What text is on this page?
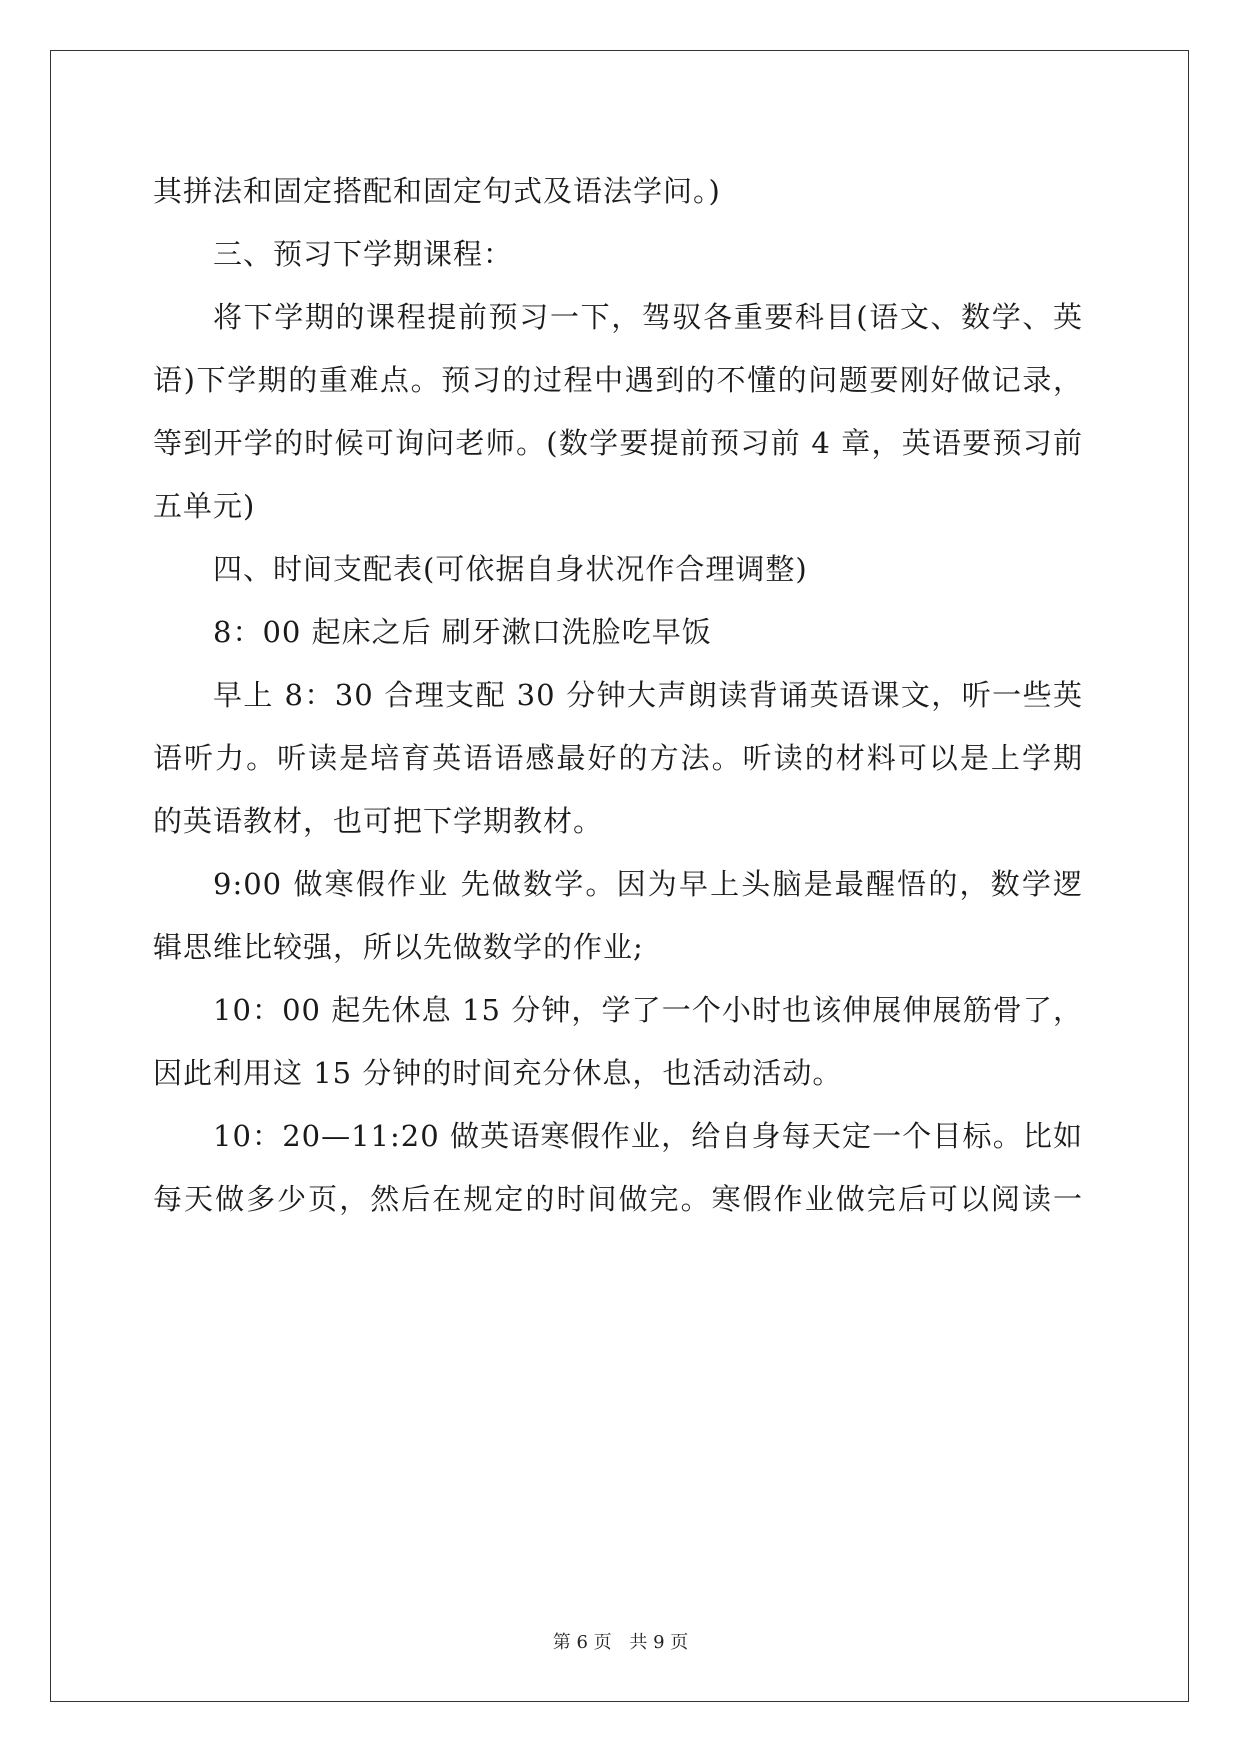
其拼法和固定搭配和固定句式及语法学问。)
三、预习下学期课程：
将下学期的课程提前预习一下，驾驭各重要科目(语文、数学、英
语)下学期的重难点。预习的过程中遇到的不懂的问题要刚好做记录，
等到开学的时候可询问老师。(数学要提前预习前 4 章，英语要预习前
五单元)
四、时间支配表(可依据自身状况作合理调整)
8：00 起床之后 刷牙漱口洗脸吃早饭
早上 8：30 合理支配 30 分钟大声朗读背诵英语课文，听一些英
语听力。听读是培育英语语感最好的方法。听读的材料可以是上学期
的英语教材，也可把下学期教材。
9:00 做寒假作业 先做数学。因为早上头脑是最醒悟的，数学逻
辑思维比较强，所以先做数学的作业;
10：00 起先休息 15 分钟，学了一个小时也该伸展伸展筋骨了，
因此利用这 15 分钟的时间充分休息，也活动活动。
10：20—11:20 做英语寒假作业，给自身每天定一个目标。比如
每天做多少页，然后在规定的时间做完。寒假作业做完后可以阅读一
第 6 页 共 9 页
